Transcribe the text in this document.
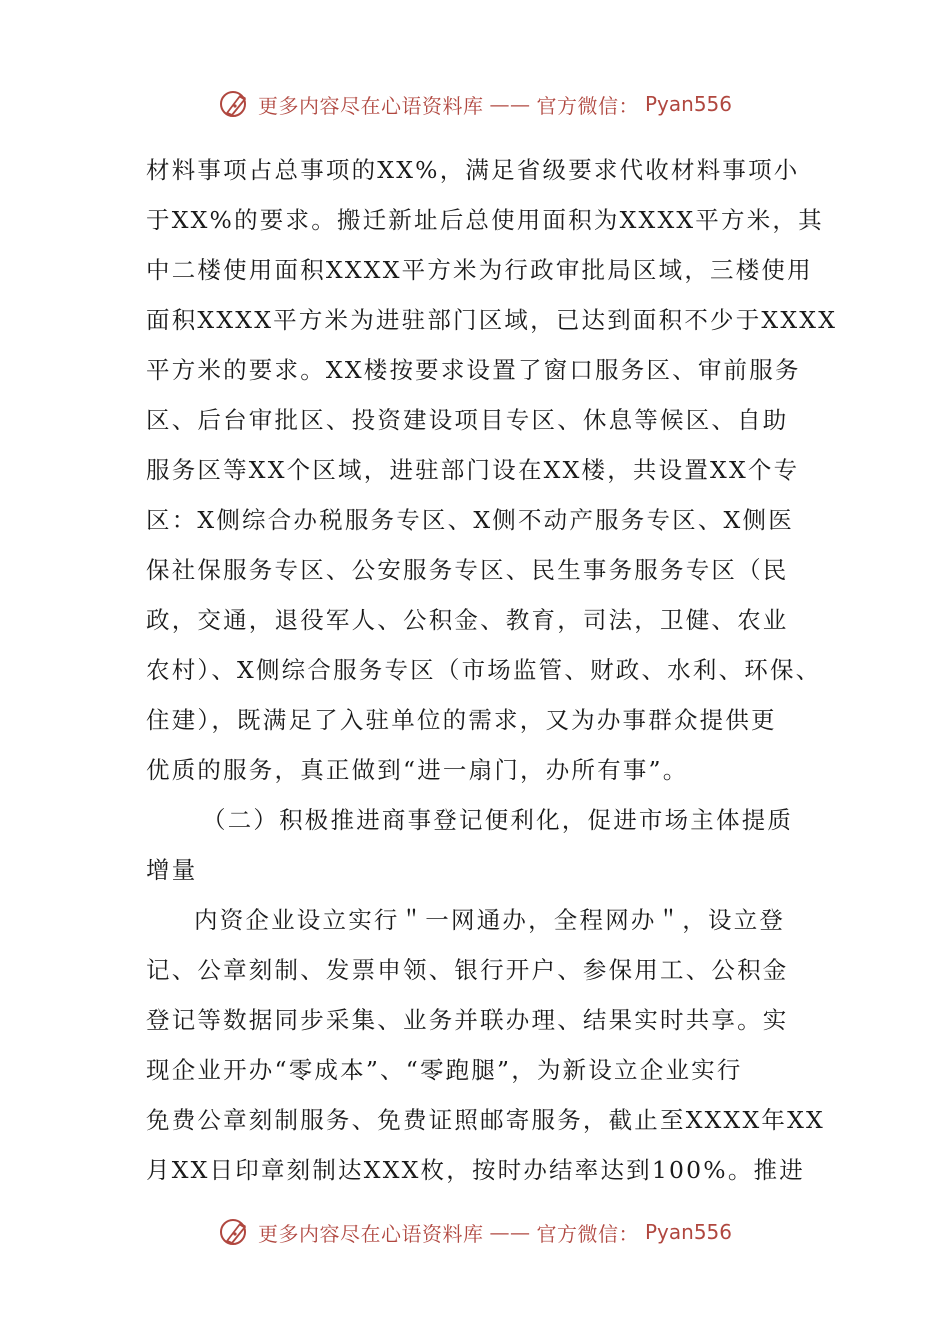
更多内容尽在心语资料库 —— 官方微信： Pyan556
材料事项占总事项的XX%，满足省级要求代收材料事项小
于XX%的要求。搬迁新址后总使用面积为XXXX平方米，其
中二楼使用面积XXXX平方米为行政审批局区域，三楼使用
面积XXXX平方米为进驻部门区域，已达到面积不少于XXXX
平方米的要求。XX楼按要求设置了窗口服务区、审前服务
区、后台审批区、投资建设项目专区、休息等候区、自助
服务区等XX个区域，进驻部门设在XX楼，共设置XX个专
区：X侧综合办税服务专区、X侧不动产服务专区、X侧医
保社保服务专区、公安服务专区、民生事务服务专区（民
政，交通，退役军人、公积金、教育，司法，卫健、农业
农村）、X侧综合服务专区（市场监管、财政、水利、环保、
住建），既满足了入驻单位的需求，又为办事群众提供更
优质的服务，真正做到“进一扇门，办所有事”。
（二）积极推进商事登记便利化，促进市场主体提质
增量
内资企业设立实行＂一网通办，全程网办＂，设立登
记、公章刻制、发票申领、银行开户、参保用工、公积金
登记等数据同步采集、业务并联办理、结果实时共享。实
现企业开办“零成本”、“零跑腿”，为新设立企业实行
免费公章刻制服务、免费证照邮寄服务，截止至XXXX年XX
月XX日印章刻制达XXX枚，按时办结率达到100%。推进
更多内容尽在心语资料库 —— 官方微信： Pyan556
